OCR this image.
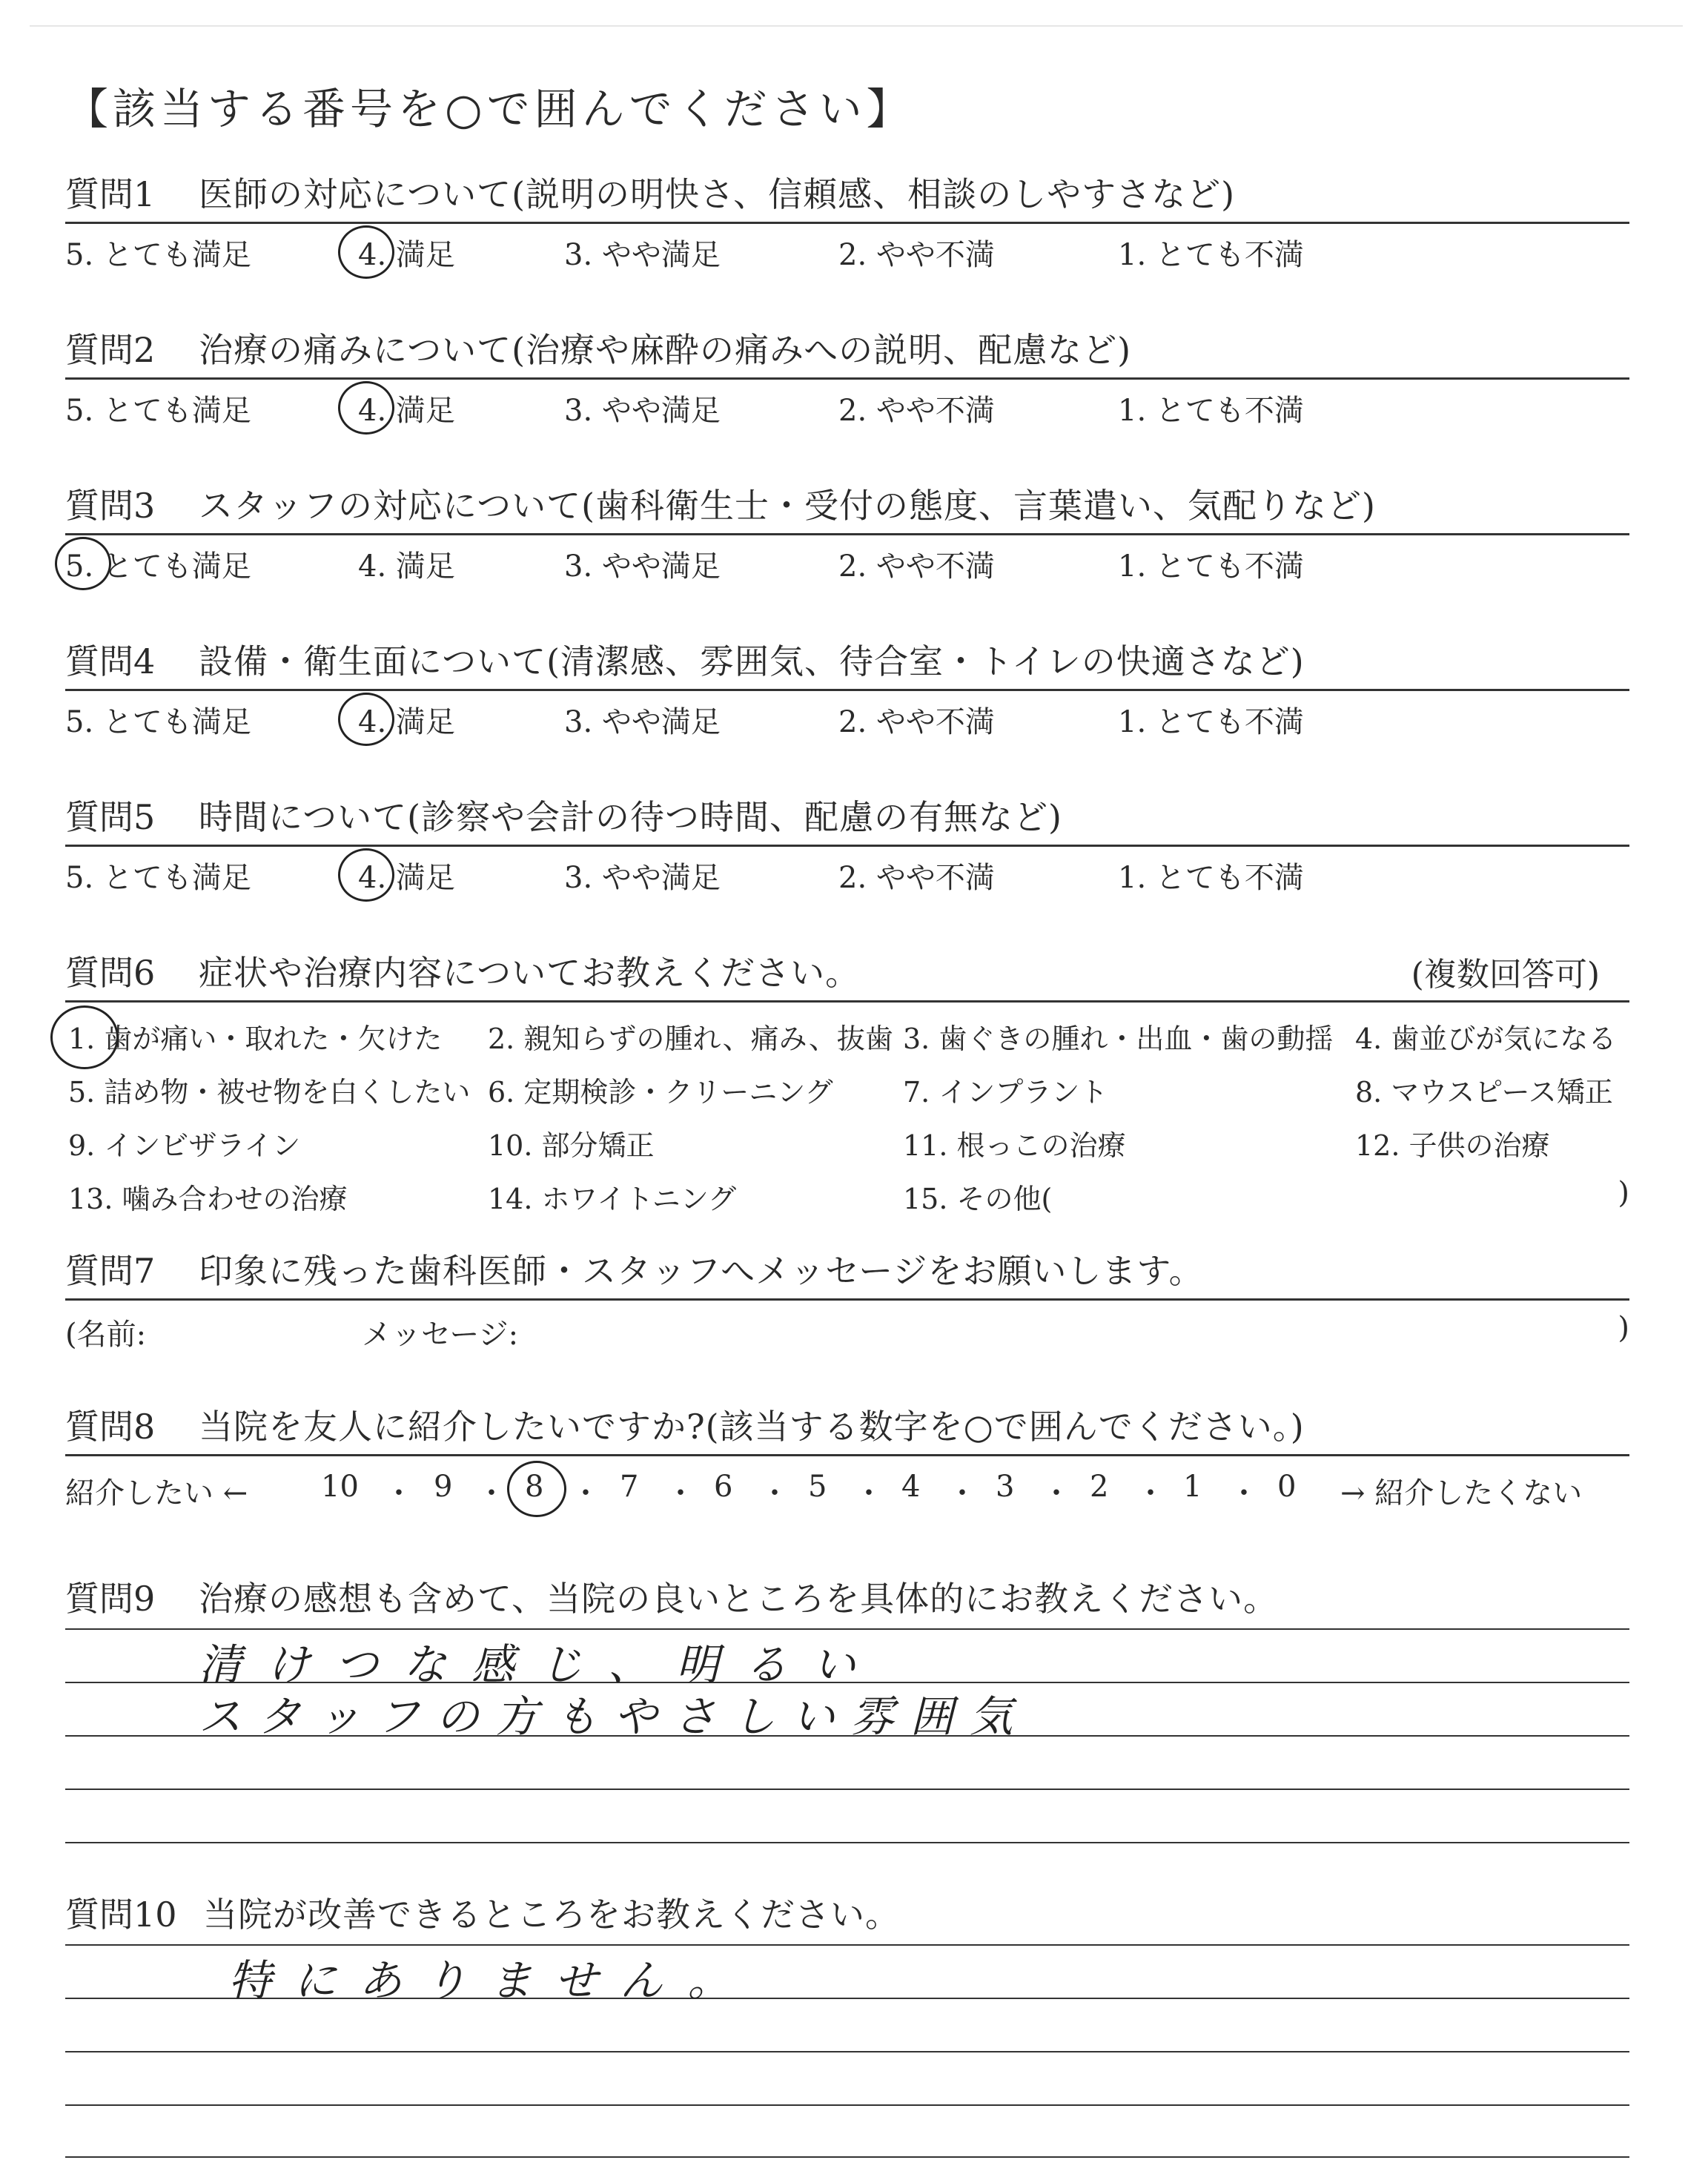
【該当する番号を○で囲んでください】
質問1 医師の対応について(説明の明快さ、信頼感、相談のしやすさなど)
5. とても満足	4. 満足	3. やや満足	2. やや不満	1. とても不満
質問2 治療の痛みについて(治療や麻酔の痛みへの説明、配慮など)
5. とても満足	4. 満足	3. やや満足	2. やや不満	1. とても不満
質問3 スタッフの対応について(歯科衛生士・受付の態度、言葉遣い、気配りなど)
5. とても満足	4. 満足	3. やや満足	2. やや不満	1. とても不満
質問4 設備・衛生面について(清潔感、雰囲気、待合室・トイレの快適さなど)
5. とても満足	4. 満足	3. やや満足	2. やや不満	1. とても不満
質問5 時間について(診察や会計の待つ時間、配慮の有無など)
5. とても満足	4. 満足	3. やや満足	2. やや不満	1. とても不満
質問6 症状や治療内容についてお教えください。	(複数回答可)
1. 歯が痛い・取れた・欠けた 2. 親知らずの腫れ、痛み、抜歯 3. 歯ぐきの腫れ・出血・歯の動揺 4. 歯並びが気になる
5. 詰め物・被せ物を白くしたい 6. 定期検診・クリーニング 7. インプラント	8. マウスピース矯正
9. インビザライン	10. 部分矯正	11. 根っこの治療	12. 子供の治療
13. 噛み合わせの治療	14. ホワイトニング	15. その他(	)
質問7 印象に残った歯科医師・スタッフへメッセージをお願いします。
(名前:	メッセージ:	)
質問8 当院を友人に紹介したいですか?(該当する数字を○で囲んでください。)
紹介したい ← 10 ・ 9 ・ 8 ・ 7 ・ 6 ・ 5 ・ 4 ・ 3 ・ 2 ・ 1 ・ 0 → 紹介したくない
質問9 治療の感想も含めて、当院の良いところを具体的にお教えください。
清けつな感じ、明るい
スタッフの方もやさしい雰囲気
質問10 当院が改善できるところをお教えください。
特にありません。
